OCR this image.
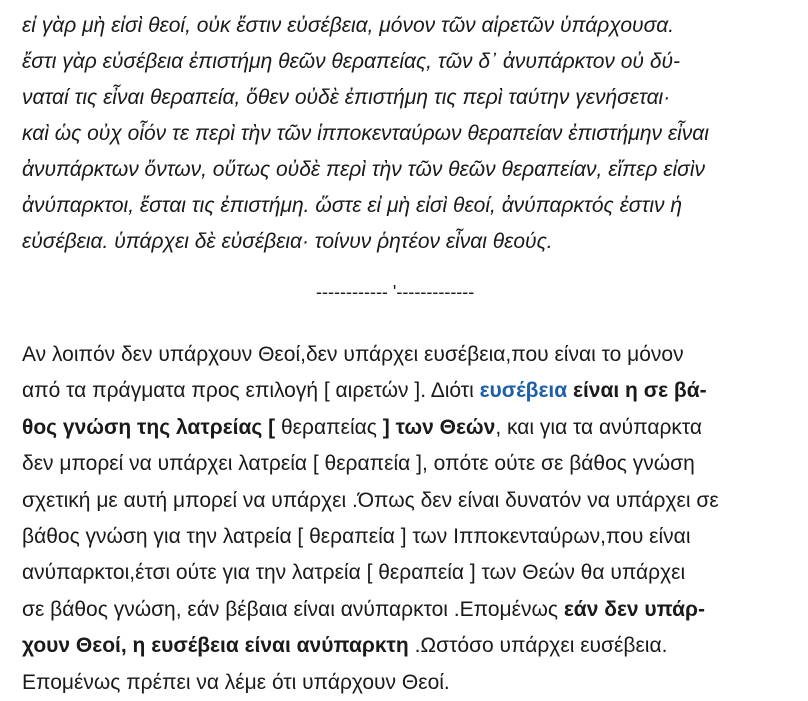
εἰ γὰρ μὴ εἰσὶ θεοί, οὐκ ἔστιν εὐσέβεια, μόνον τῶν αἱρετῶν ὑπάρχουσα.
ἔστι γὰρ εὐσέβεια ἐπιστήμη θεῶν θεραπείας, τῶν δ᾿ ἀνυπάρκτον οὐ δύ-
ναταί τις εἶναι θεραπεία, ὅθεν οὐδὲ ἐπιστήμη τις περὶ ταύτην γενήσεται·
καὶ ὡς οὐχ οἷόν τε περὶ τὴν τῶν ἱπποκενταύρων θεραπείαν ἐπιστήμην εἶναι
ἀνυπάρκτων ὄντων, οὕτως οὐδὲ περὶ τὴν τῶν θεῶν θεραπείαν, εἴπερ εἰσὶν
ἀνύπαρκτοι, ἔσται τις ἐπιστήμη. ὥστε εἰ μὴ εἰσὶ θεοί, ἀνύπαρκτός ἐστιν ἡ
εὐσέβεια. ὑπάρχει δὲ εὐσέβεια· τοίνυν ῥητέον εἶναι θεούς.
------------ '-------------
Αν λοιπόν δεν υπάρχουν Θεοί,δεν υπάρχει ευσέβεια,που είναι το μόνον
από τα πράγματα προς επιλογή [ αιρετών ]. Διότι ευσέβεια είναι η σε βά-
θος γνώση της λατρείας [ θεραπείας ] των Θεών, και για τα ανύπαρκτα
δεν μπορεί να υπάρχει λατρεία [ θεραπεία ], οπότε ούτε σε βάθος γνώση
σχετική με αυτή μπορεί να υπάρχει .Όπως δεν είναι δυνατόν να υπάρχει σε
βάθος γνώση για την λατρεία [ θεραπεία ] των Ιπποκενταύρων,που είναι
ανύπαρκτοι,έτσι ούτε για την λατρεία [ θεραπεία ] των Θεών θα υπάρχει
σε βάθος γνώση, εάν βέβαια είναι ανύπαρκτοι .Επομένως εάν δεν υπάρ-
χουν Θεοί, η ευσέβεια είναι ανύπαρκτη .Ωστόσο υπάρχει ευσέβεια.
Επομένως πρέπει να λέμε ότι υπάρχουν Θεοί.
